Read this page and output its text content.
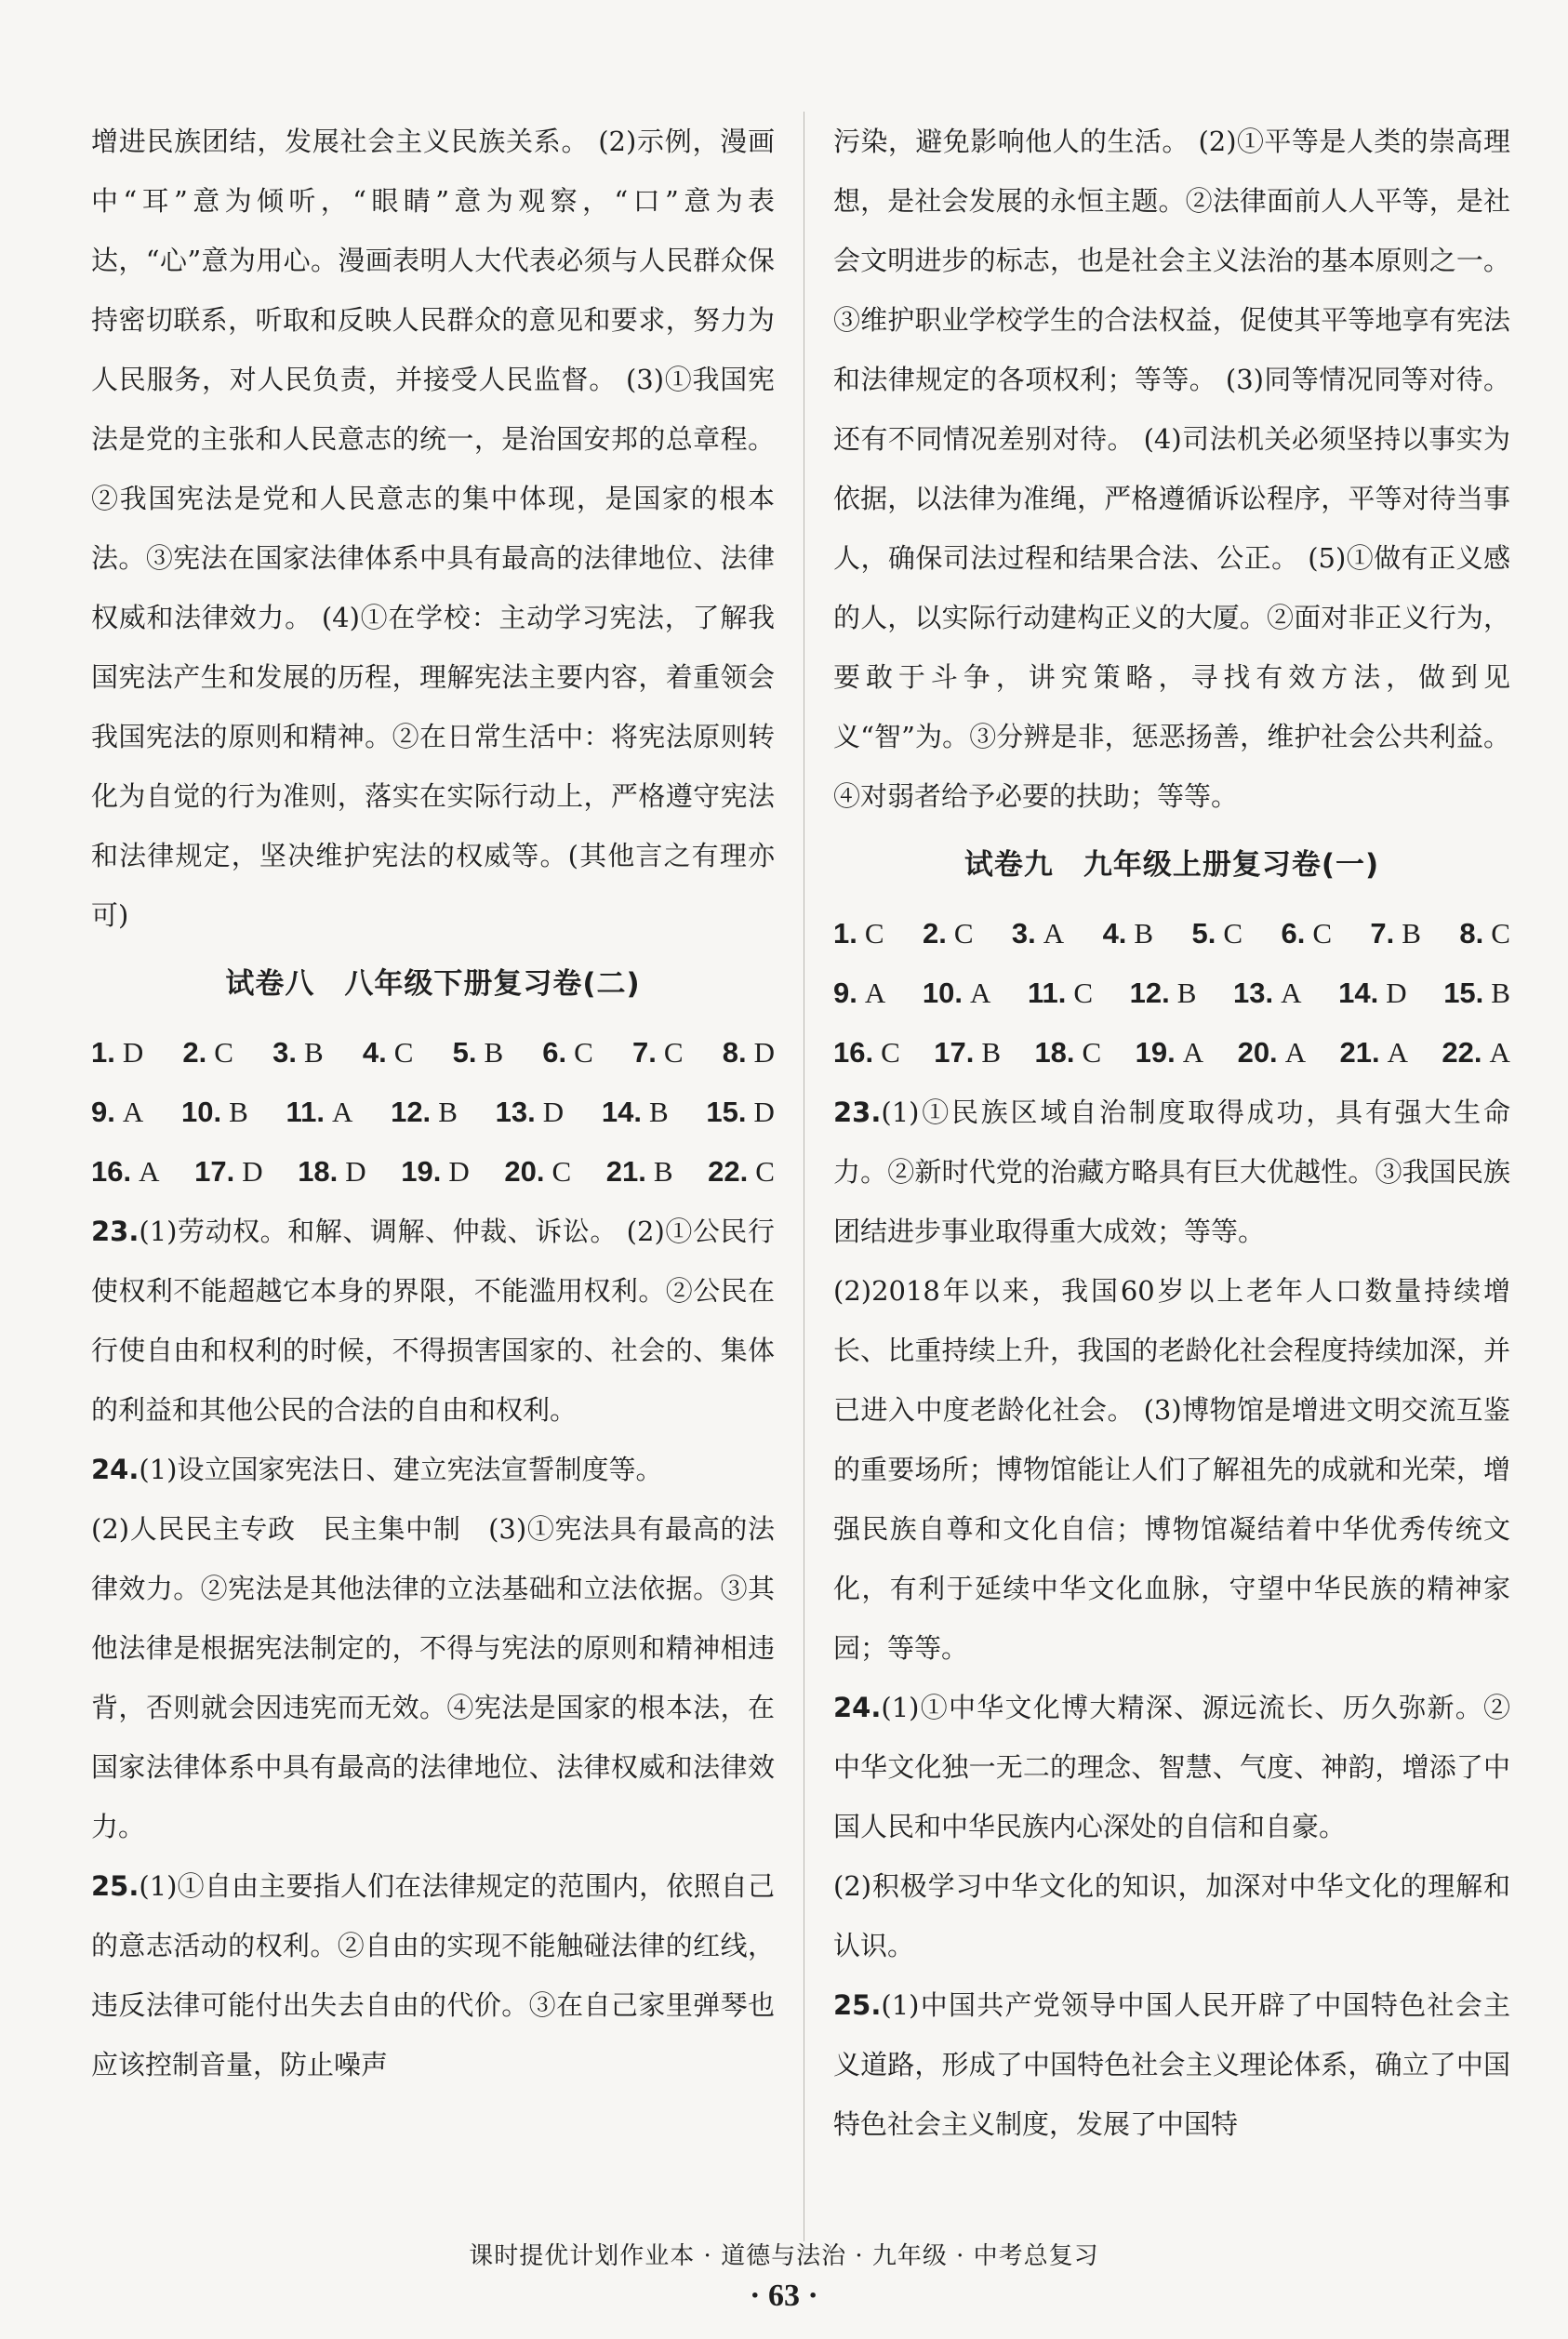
增进民族团结，发展社会主义民族关系。 (2)示例，漫画中“耳”意为倾听，“眼睛”意为观察，“口”意为表达，“心”意为用心。漫画表明人大代表必须与人民群众保持密切联系，听取和反映人民群众的意见和要求，努力为人民服务，对人民负责，并接受人民监督。 (3)①我国宪法是党的主张和人民意志的统一，是治国安邦的总章程。②我国宪法是党和人民意志的集中体现，是国家的根本法。③宪法在国家法律体系中具有最高的法律地位、法律权威和法律效力。 (4)①在学校：主动学习宪法，了解我国宪法产生和发展的历程，理解宪法主要内容，着重领会我国宪法的原则和精神。②在日常生活中：将宪法原则转化为自觉的行为准则，落实在实际行动上，严格遵守宪法和法律规定，坚决维护宪法的权威等。(其他言之有理亦可)

试卷八　八年级下册复习卷(二)
1. D 2. C 3. B 4. C 5. B 6. C 7. C 8. D
9. A 10. B 11. A 12. B 13. D 14. B 15. D
16. A 17. D 18. D 19. D 20. C 21. B 22. C

23.(1)劳动权。和解、调解、仲裁、诉讼。 (2)①公民行使权利不能超越它本身的界限，不能滥用权利。②公民在行使自由和权利的时候，不得损害国家的、社会的、集体的利益和其他公民的合法的自由和权利。

24.(1)设立国家宪法日、建立宪法宣誓制度等。

(2)人民民主专政　民主集中制　(3)①宪法具有最高的法律效力。②宪法是其他法律的立法基础和立法依据。③其他法律是根据宪法制定的，不得与宪法的原则和精神相违背，否则就会因违宪而无效。④宪法是国家的根本法，在国家法律体系中具有最高的法律地位、法律权威和法律效力。

25.(1)①自由主要指人们在法律规定的范围内，依照自己的意志活动的权利。②自由的实现不能触碰法律的红线，违反法律可能付出失去自由的代价。③在自己家里弹琴也应该控制音量，防止噪声

污染，避免影响他人的生活。 (2)①平等是人类的崇高理想，是社会发展的永恒主题。②法律面前人人平等，是社会文明进步的标志，也是社会主义法治的基本原则之一。③维护职业学校学生的合法权益，促使其平等地享有宪法和法律规定的各项权利；等等。 (3)同等情况同等对待。还有不同情况差别对待。 (4)司法机关必须坚持以事实为依据，以法律为准绳，严格遵循诉讼程序，平等对待当事人，确保司法过程和结果合法、公正。 (5)①做有正义感的人，以实际行动建构正义的大厦。②面对非正义行为，要敢于斗争，讲究策略，寻找有效方法，做到见义“智”为。③分辨是非，惩恶扬善，维护社会公共利益。④对弱者给予必要的扶助；等等。

试卷九　九年级上册复习卷(一)
1. C 2. C 3. A 4. B 5. C 6. C 7. B 8. C
9. A 10. A 11. C 12. B 13. A 14. D 15. B
16. C 17. B 18. C 19. A 20. A 21. A 22. A

23.(1)①民族区域自治制度取得成功，具有强大生命力。②新时代党的治藏方略具有巨大优越性。③我国民族团结进步事业取得重大成效；等等。

(2)2018年以来，我国60岁以上老年人口数量持续增长、比重持续上升，我国的老龄化社会程度持续加深，并已进入中度老龄化社会。 (3)博物馆是增进文明交流互鉴的重要场所；博物馆能让人们了解祖先的成就和光荣，增强民族自尊和文化自信；博物馆凝结着中华优秀传统文化，有利于延续中华文化血脉，守望中华民族的精神家园；等等。

24.(1)①中华文化博大精深、源远流长、历久弥新。②中华文化独一无二的理念、智慧、气度、神韵，增添了中国人民和中华民族内心深处的自信和自豪。

(2)积极学习中华文化的知识，加深对中华文化的理解和认识。

25.(1)中国共产党领导中国人民开辟了中国特色社会主义道路，形成了中国特色社会主义理论体系，确立了中国特色社会主义制度，发展了中国特

课时提优计划作业本 · 道德与法治 · 九年级 · 中考总复习
· 63 ·
